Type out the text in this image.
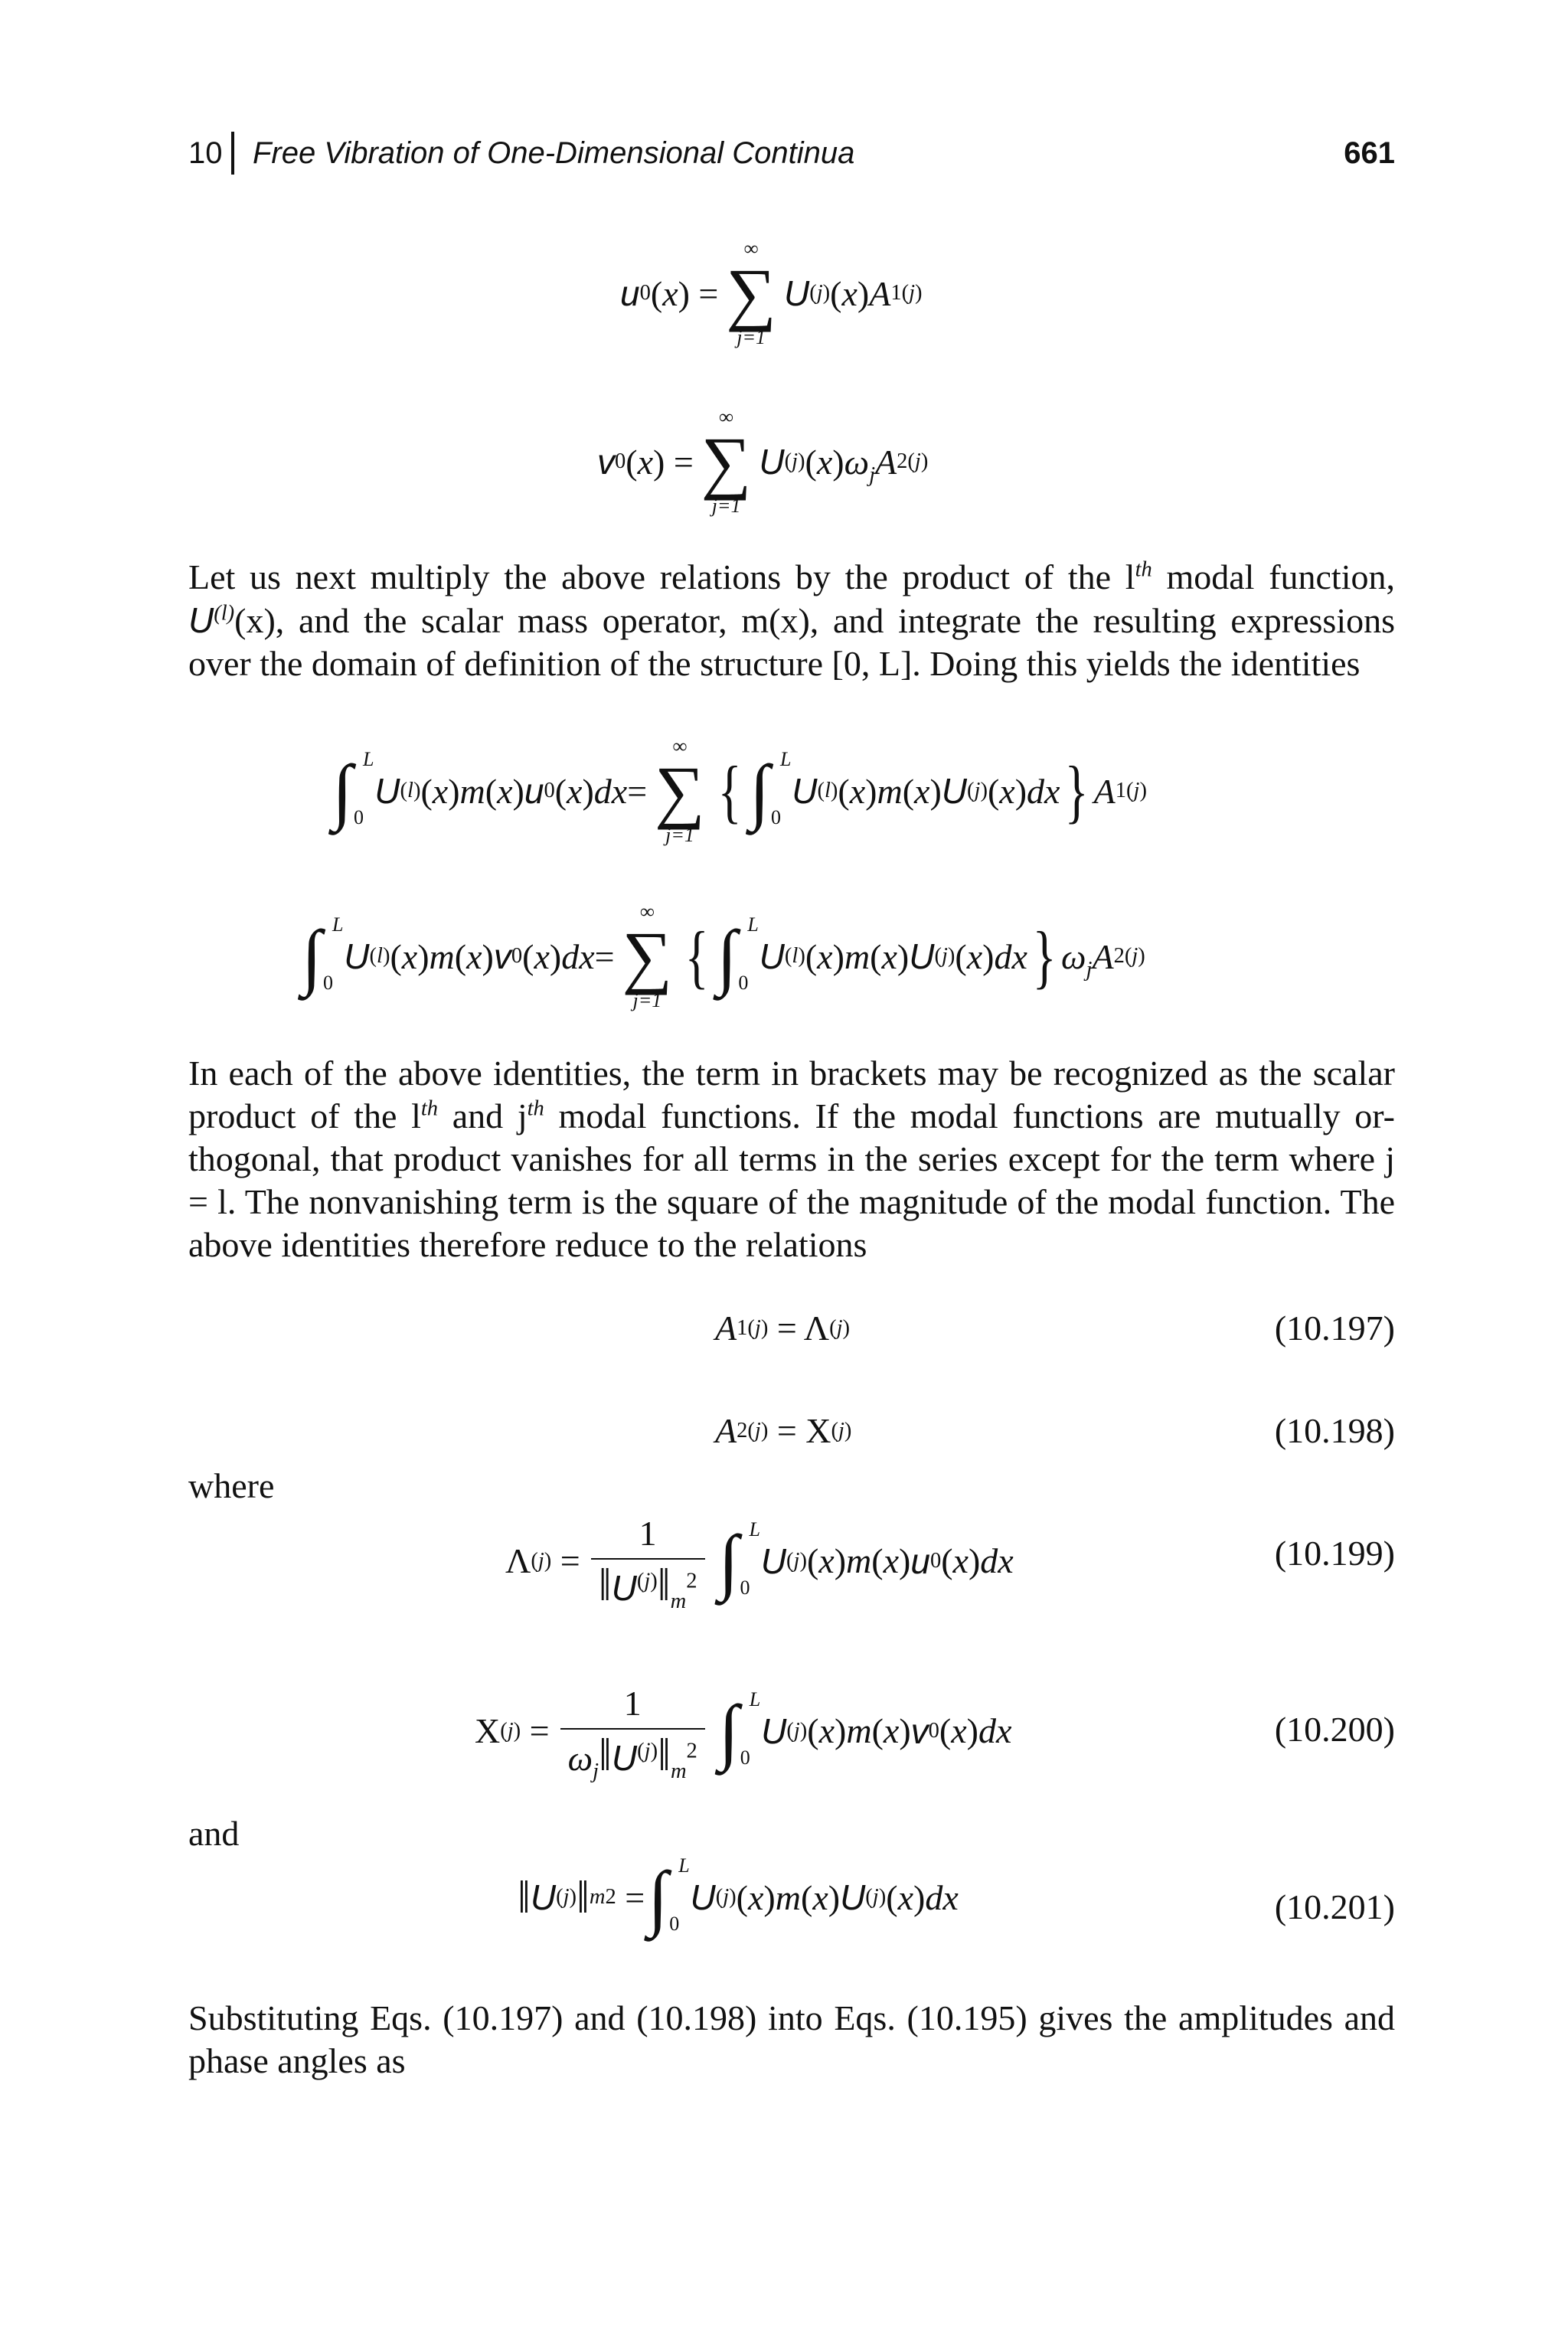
10 Free Vibration of One-Dimensional Continua	661
u 0 ( x ) =
∞
∑
j=1
U (j) ( x ) A 1 (j)
v 0 ( x ) =
∞
∑
j=1
U (j) ( x ) $\omega_j$ A 2 (j)
Let us next multiply the above relations by the product of the $l^{th}$ modal function,
$U^{(l)}(x)$, and the scalar mass operator, m(x), and integrate the resulting expressions
over the domain of definition of the structure [0, L]. Doing this yields the identities
∫ L
0

U (l) ( x ) m ( x ) u 0 ( x ) dx =
∞
∑
j=1
{ ∫ L
0

U (l) ( x ) m ( x ) U (j) ( x ) dx } A 1 (j)
∫ L
0

U (l) ( x ) m ( x ) v 0 ( x ) dx =
∞
∑
j=1
{ ∫ L
0

U (l) ( x ) m ( x ) U (j) ( x ) dx } $\omega_j$ A 2 (j)
In each of the above identities, the term in brackets may be recognized as the scalar
product of the $l^{th}$ and $j^{th}$ modal functions. If the modal functions are mutually or-
thogonal, that product vanishes for all terms in the series except for the term where j
= l. The nonvanishing term is the square of the magnitude of the modal function. The
above identities therefore reduce to the relations
A 1 (j) = Λ (j)	(10.197)
A 2 (j) = X (j)	(10.198)
where
Λ $(j) = \frac{1}{‖U^{(j)}‖_m^2}$ ∫ L
0

U (j) ( x ) m ( x ) u 0 ( x ) dx	(10.199)
X $(j) = \frac{1}{\omega_j‖U^{(j)}‖_m^2}$ ∫ L
0

U (j) ( x ) m ( x ) v 0 ( x ) dx	(10.200)
and
‖ U (j) ‖ m 2 = ∫ L
0

U (j) ( x ) m ( x ) U (j) ( x ) dx	(10.201)
Substituting Eqs. (10.197) and (10.198) into Eqs. (10.195) gives the amplitudes and
phase angles as
